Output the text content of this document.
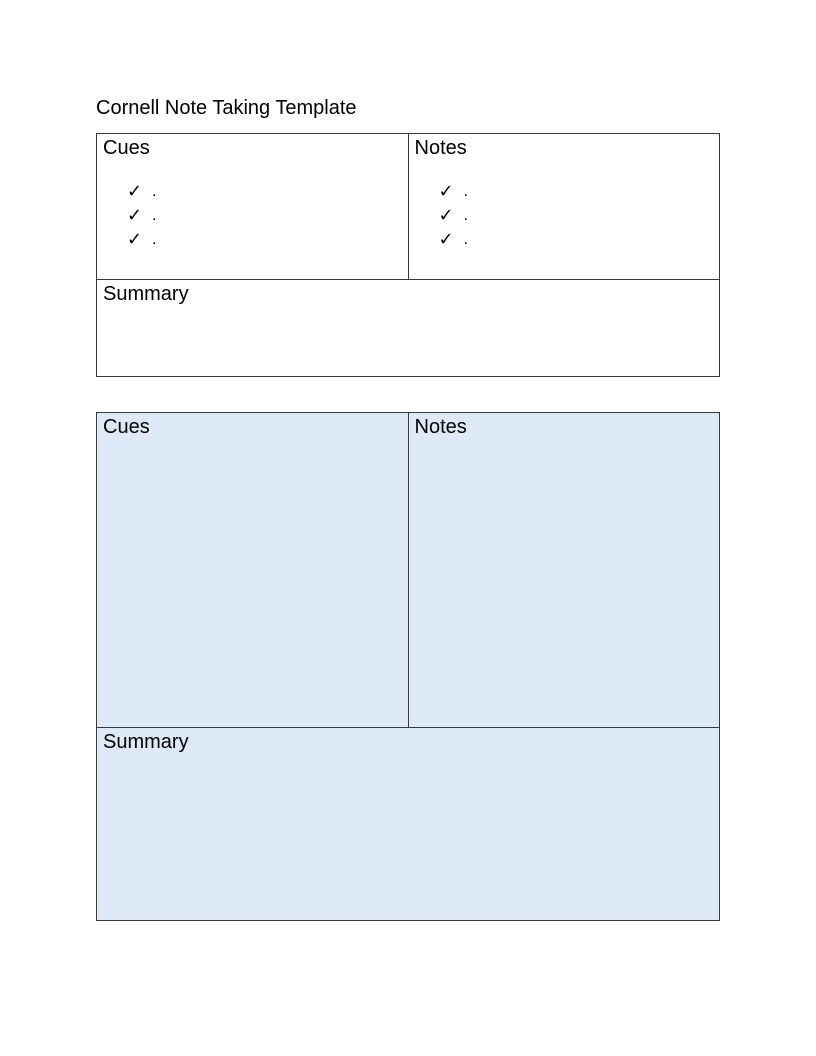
Cornell Note Taking Template
Cues
✓ .
✓ .
✓ .
Notes
✓ .
✓ .
✓ .
Summary
Cues	Notes
Summary
